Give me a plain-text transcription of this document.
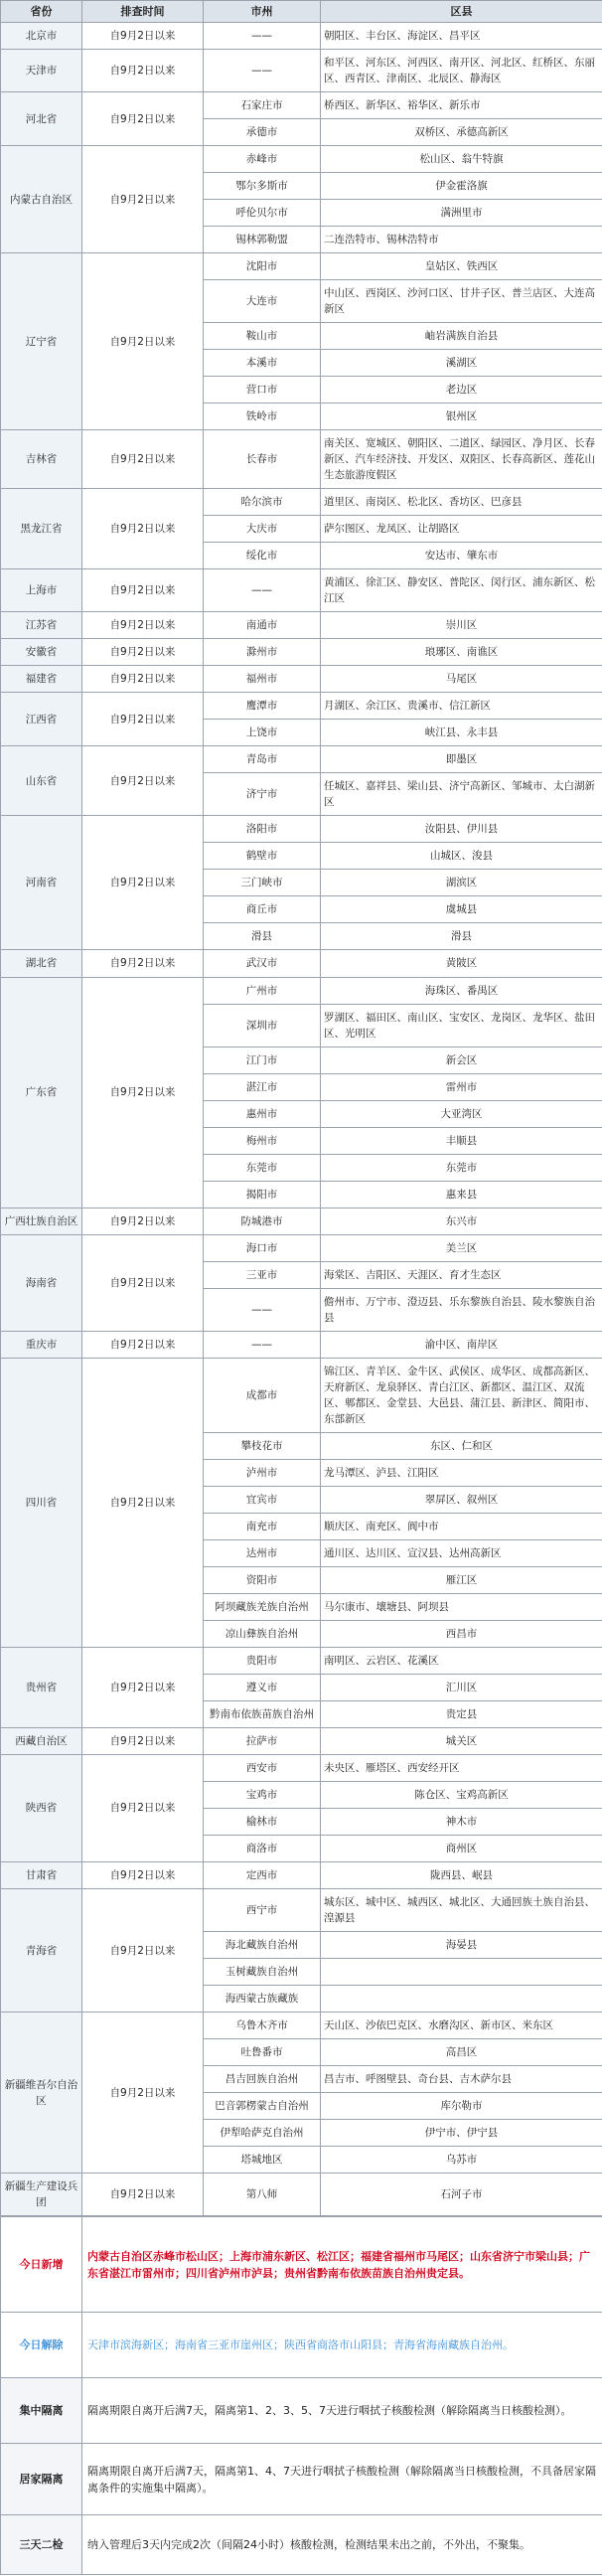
省份	排查时间	市州	区县
北京市	自9月2日以来	——	朝阳区、丰台区、海淀区、昌平区
天津市	自9月2日以来	——	和平区、河东区、河西区、南开区、河北区、红桥区、东丽区、西青区、津南区、北辰区、静海区
河北省	自9月2日以来	石家庄市	桥西区、新华区、裕华区、新乐市
		承德市	双桥区、承德高新区
内蒙古自治区	自9月2日以来	赤峰市	松山区、翁牛特旗
		鄂尔多斯市	伊金霍洛旗
		呼伦贝尔市	满洲里市
		锡林郭勒盟	二连浩特市、锡林浩特市
辽宁省	自9月2日以来	沈阳市	皇姑区、铁西区
		大连市	中山区、西岗区、沙河口区、甘井子区、普兰店区、大连高新区
		鞍山市	岫岩满族自治县
		本溪市	溪湖区
		营口市	老边区
		铁岭市	银州区
吉林省	自9月2日以来	长春市	南关区、宽城区、朝阳区、二道区、绿园区、净月区、长春新区、汽车经济技、开发区、双阳区、长春高新区、莲花山生态旅游度假区
黑龙江省	自9月2日以来	哈尔滨市	道里区、南岗区、松北区、香坊区、巴彦县
		大庆市	萨尔图区、龙凤区、让胡路区
		绥化市	安达市、肇东市
上海市	自9月2日以来	——	黄浦区、徐汇区、静安区、普陀区、闵行区、浦东新区、松江区
江苏省	自9月2日以来	南通市	崇川区
安徽省	自9月2日以来	滁州市	琅琊区、南谯区
福建省	自9月2日以来	福州市	马尾区
江西省	自9月2日以来	鹰潭市	月湖区、余江区、贵溪市、信江新区
		上饶市	峡江县、永丰县
山东省	自9月2日以来	青岛市	即墨区
		济宁市	任城区、嘉祥县、梁山县、济宁高新区、邹城市、太白湖新区
河南省	自9月2日以来	洛阳市	汝阳县、伊川县
		鹤壁市	山城区、浚县
		三门峡市	湖滨区
		商丘市	虞城县
		滑县	滑县
湖北省	自9月2日以来	武汉市	黄陂区
广东省	自9月2日以来	广州市	海珠区、番禺区
		深圳市	罗湖区、福田区、南山区、宝安区、龙岗区、龙华区、盐田区、光明区
		江门市	新会区
		湛江市	雷州市
		惠州市	大亚湾区
		梅州市	丰顺县
		东莞市	东莞市
		揭阳市	惠来县
广西壮族自治区	自9月2日以来	防城港市	东兴市
海南省	自9月2日以来	海口市	美兰区
		三亚市	海棠区、吉阳区、天涯区、育才生态区
		——	儋州市、万宁市、澄迈县、乐东黎族自治县、陵水黎族自治县
重庆市	自9月2日以来	——	渝中区、南岸区
四川省	自9月2日以来	成都市	锦江区、青羊区、金牛区、武侯区、成华区、成都高新区、天府新区、龙泉驿区、青白江区、新都区、温江区、双流区、郫都区、金堂县、大邑县、蒲江县、新津区、简阳市、东部新区
		攀枝花市	东区、仁和区
		泸州市	龙马潭区、泸县、江阳区
		宜宾市	翠屏区、叙州区
		南充市	顺庆区、南充区、阆中市
		达州市	通川区、达川区、宣汉县、达州高新区
		资阳市	雁江区
		阿坝藏族羌族自治州	马尔康市、壤塘县、阿坝县
		凉山彝族自治州	西昌市
贵州省	自9月2日以来	贵阳市	南明区、云岩区、花溪区
		遵义市	汇川区
		黔南布依族苗族自治州	贵定县
西藏自治区	自9月2日以来	拉萨市	城关区
陕西省	自9月2日以来	西安市	未央区、雁塔区、西安经开区
		宝鸡市	陈仓区、宝鸡高新区
		榆林市	神木市
		商洛市	商州区
甘肃省	自9月2日以来	定西市	陇西县、岷县
青海省	自9月2日以来	西宁市	城东区、城中区、城西区、城北区、大通回族土族自治县、湟源县
		海北藏族自治州	海晏县
		玉树藏族自治州	
		海西蒙古族藏族	
新疆维吾尔自治区	自9月2日以来	乌鲁木齐市	天山区、沙依巴克区、水磨沟区、新市区、米东区
		吐鲁番市	高昌区
		昌吉回族自治州	昌吉市、呼图壁县、奇台县、吉木萨尔县
		巴音郭楞蒙古自治州	库尔勒市
		伊犁哈萨克自治州	伊宁市、伊宁县
		塔城地区	乌苏市
新疆生产建设兵团	自9月2日以来	第八师	石河子市
今日新增	内蒙古自治区赤峰市松山区；上海市浦东新区、松江区；福建省福州市马尾区；山东省济宁市梁山县；广东省湛江市雷州市；四川省泸州市泸县；贵州省黔南布依族苗族自治州贵定县。
今日解除	天津市滨海新区；海南省三亚市崖州区；陕西省商洛市山阳县；青海省海南藏族自治州。
集中隔离	隔离期限自离开后满7天，隔离第1、2、3、5、7天进行咽拭子核酸检测（解除隔离当日核酸检测）。
居家隔离	隔离期限自离开后满7天，隔离第1、4、7天进行咽拭子核酸检测（解除隔离当日核酸检测，不具备居家隔离条件的实施集中隔离）。
三天二检	纳入管理后3天内完成2次（间隔24小时）核酸检测，检测结果未出之前，不外出，不聚集。
